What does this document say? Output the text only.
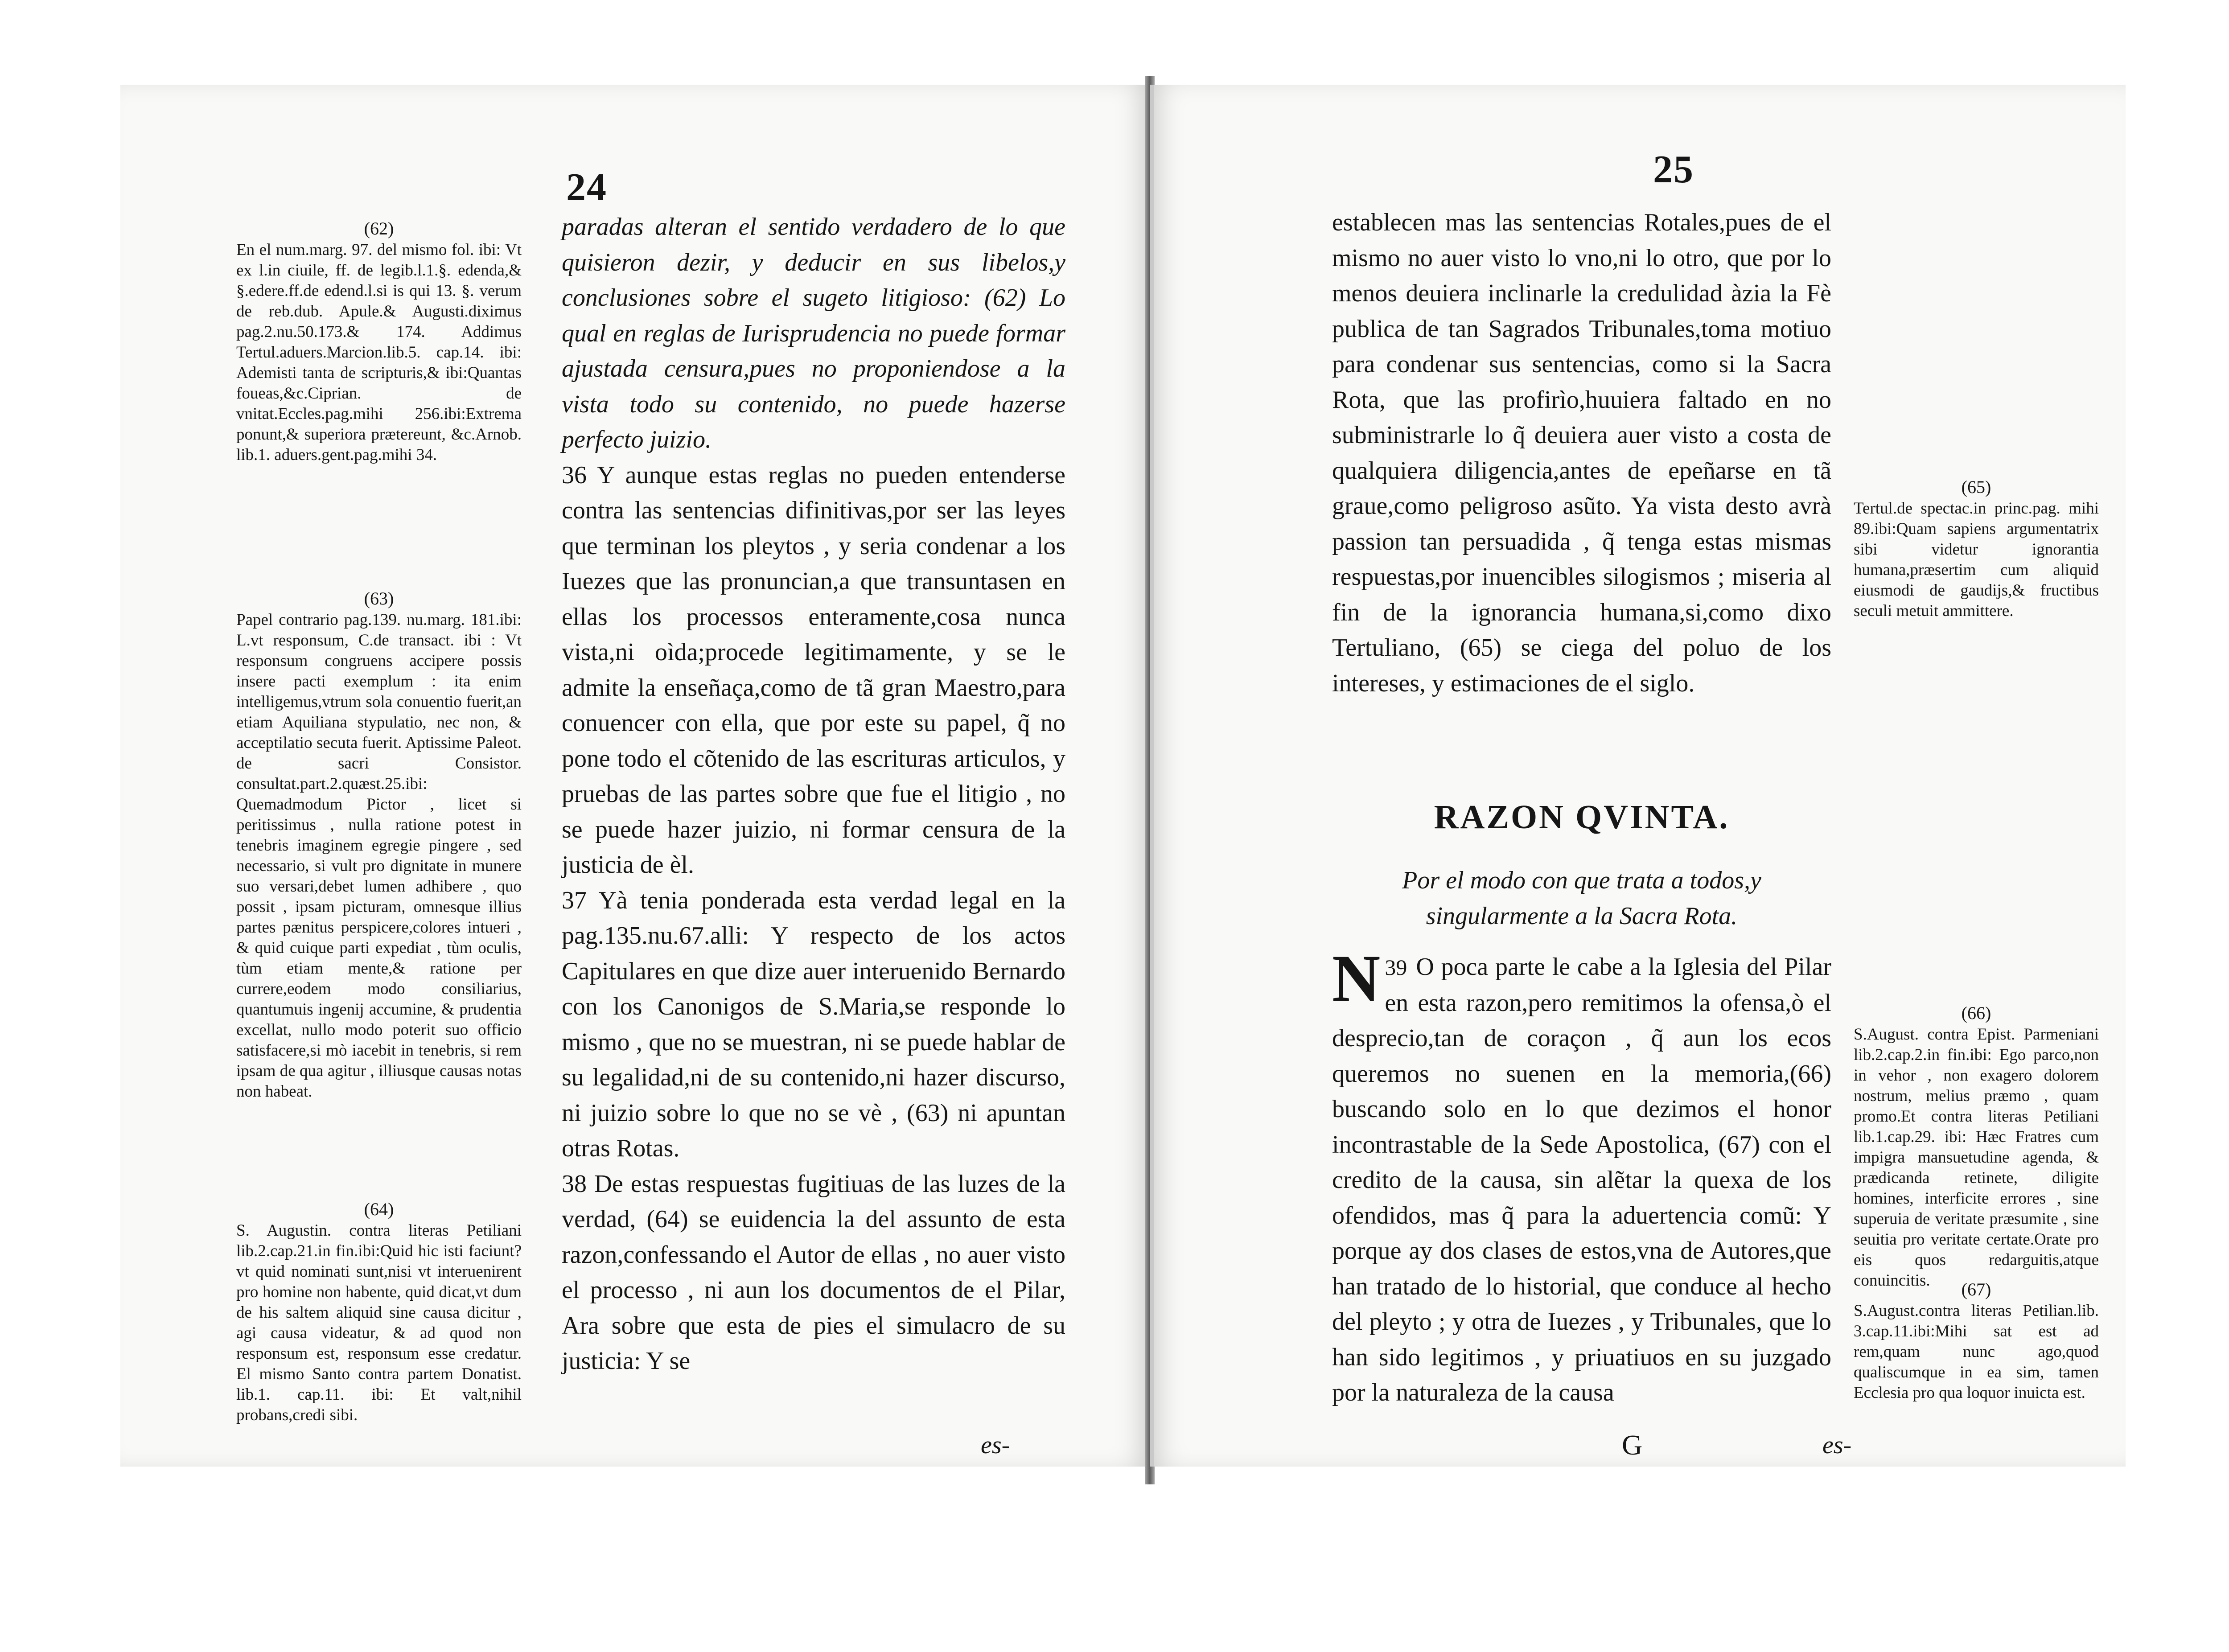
24
(62)
En el num.marg. 97. del mismo fol. ibi: Vt ex l.in ciuile, ff. de legib.l.1.§. edenda,& §.edere.ff.de edend.l.si is qui 13. §. verum de reb.dub. Apule.& Augusti.diximus pag.2.nu.50.173.& 174. Addimus Tertul.aduers.Marcion.lib.5. cap.14. ibi: Ademisti tanta de scripturis,& ibi:Quantas foueas,&c.Ciprian. de vnitat.Eccles.pag.mihi 256.ibi:Extrema ponunt,& superiora prætereunt, &c.Arnob. lib.1. aduers.gent.pag.mihi 34.
(63)
Papel contrario pag.139. nu.marg. 181.ibi: L.vt responsum, C.de transact. ibi : Vt responsum congruens accipere possis insere pacti exemplum : ita enim intelligemus,vtrum sola conuentio fuerit,an etiam Aquiliana stypulatio, nec non, & acceptilatio secuta fuerit. Aptissime Paleot. de sacri Consistor. consultat.part.2.quæst.25.ibi: Quemadmodum Pictor , licet si peritissimus , nulla ratione potest in tenebris imaginem egregie pingere , sed necessario, si vult pro dignitate in munere suo versari,debet lumen adhibere , quo possit , ipsam picturam, omnesque illius partes pænitus perspicere,colores intueri , & quid cuique parti expediat , tùm oculis, tùm etiam mente,& ratione per currere,eodem modo consiliarius, quantumuis ingenij accumine, & prudentia excellat, nullo modo poterit suo officio satisfacere,si mò iacebit in tenebris, si rem ipsam de qua agitur , illiusque causas notas non habeat.
(64)
S. Augustin. contra literas Petiliani lib.2.cap.21.in fin.ibi:Quid hic isti faciunt? vt quid nominati sunt,nisi vt interuenirent pro homine non habente, quid dicat,vt dum de his saltem aliquid sine causa dicitur , agi causa videatur, & ad quod non responsum est, responsum esse credatur. El mismo Santo contra partem Donatist. lib.1. cap.11. ibi: Et valt,nihil probans,credi sibi.

paradas alteran el sentido verdadero de lo que quisieron dezir, y deducir en sus libelos,y conclusiones sobre el sugeto litigioso: (62) Lo qual en reglas de Iurisprudencia no puede formar ajustada censura,pues no proponiendose a la vista todo su contenido, no puede hazerse perfecto juizio.

36 Y aunque estas reglas no pueden entenderse contra las sentencias difinitivas,por ser las leyes que terminan los pleytos , y seria condenar a los Iuezes que las pronuncian,a que transuntasen en ellas los processos enteramente,cosa nunca vista,ni oìda;procede legitimamente, y se le admite la enseñaça,como de tã gran Maestro,para conuencer con ella, que por este su papel, q̃ no pone todo el cõtenido de las escrituras articulos, y pruebas de las partes sobre que fue el litigio , no se puede hazer juizio, ni formar censura de la justicia de èl.

37 Yà tenia ponderada esta verdad legal en la pag.135.nu.67.alli: Y respecto de los actos Capitulares en que dize auer interuenido Bernardo con los Canonigos de S.Maria,se responde lo mismo , que no se muestran, ni se puede hablar de su legalidad,ni de su contenido,ni hazer discurso, ni juizio sobre lo que no se vè , (63) ni apuntan otras Rotas.

38 De estas respuestas fugitiuas de las luzes de la verdad, (64) se euidencia la del assunto de esta razon,confessando el Autor de ellas , no auer visto el processo , ni aun los documentos de el Pilar, Ara sobre que esta de pies el simulacro de su justicia: Y se

es-
25

establecen mas las sentencias Rotales,pues de el mismo no auer visto lo vno,ni lo otro, que por lo menos deuiera inclinarle la credulidad àzia la Fè publica de tan Sagrados Tribunales,toma motiuo para condenar sus sentencias, como si la Sacra Rota, que las profirìo,huuiera faltado en no subministrarle lo q̃ deuiera auer visto a costa de qualquiera diligencia,antes de epeñarse en tã graue,como peligroso asũto. Ya vista desto avrà passion tan persuadida , q̃ tenga estas mismas respuestas,por inuencibles silogismos ; miseria al fin de la ignorancia humana,si,como dixo Tertuliano, (65) se ciega del poluo de los intereses, y estimaciones de el siglo.

RAZON QVINTA.
Por el modo con que trata a todos,y singularmente a la Sacra Rota.

39
N O poca parte le cabe a la Iglesia del Pilar en esta razon,pero remitimos la ofensa,ò el desprecio,tan de coraçon , q̃ aun los ecos queremos no suenen en la memoria,(66) buscando solo en lo que dezimos el honor incontrastable de la Sede Apostolica, (67) con el credito de la causa, sin alẽtar la quexa de los ofendidos, mas q̃ para la aduertencia comũ: Y porque ay dos clases de estos,vna de Autores,que han tratado de lo historial, que conduce al hecho del pleyto ; y otra de Iuezes , y Tribunales, que lo han sido legitimos , y priuatiuos en su juzgado por la naturaleza de la causa

G	es-
(65)
Tertul.de spectac.in princ.pag. mihi 89.ibi:Quam sapiens argumentatrix sibi videtur ignorantia humana,præsertim cum aliquid eiusmodi de gaudijs,& fructibus seculi metuit ammittere.
(66)
S.August. contra Epist. Parmeniani lib.2.cap.2.in fin.ibi: Ego parco,non in vehor , non exagero dolorem nostrum, melius præmo , quam promo.Et contra literas Petiliani lib.1.cap.29. ibi: Hæc Fratres cum impigra mansuetudine agenda, & prædicanda retinete, diligite homines, interficite errores , sine superuia de veritate præsumite , sine seuitia pro veritate certate.Orate pro eis quos redarguitis,atque conuincitis.	(67)
S.August.contra literas Petilian.lib. 3.cap.11.ibi:Mihi sat est ad rem,quam nunc ago,quod qualiscumque in ea sim, tamen Ecclesia pro qua loquor inuicta est.
